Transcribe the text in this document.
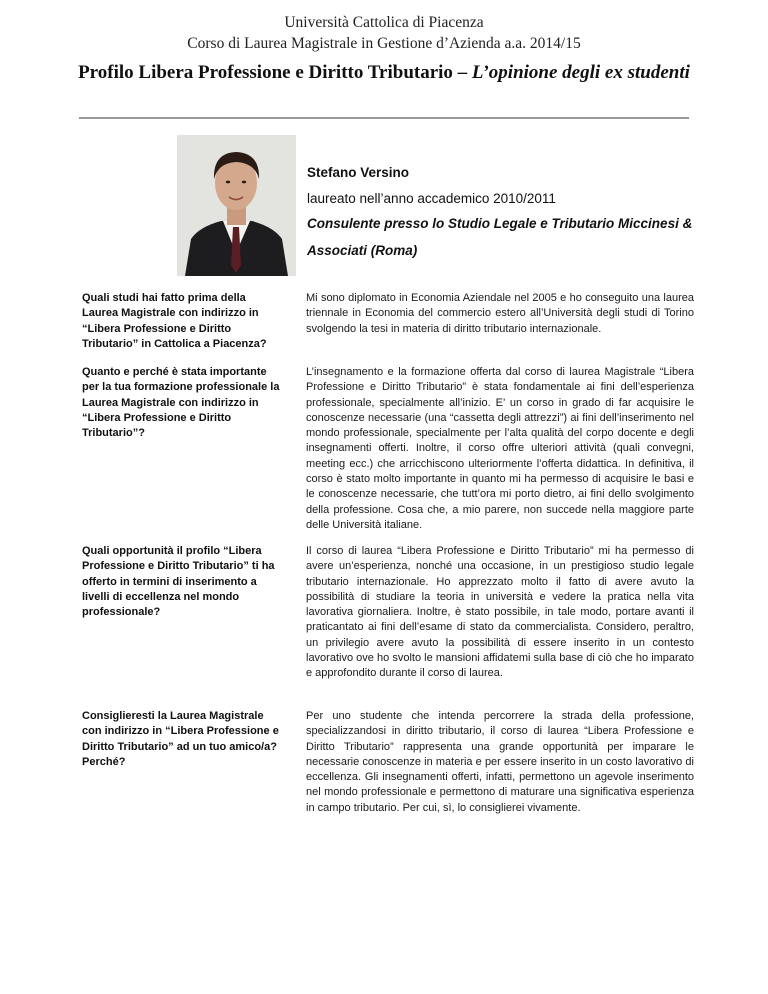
Università Cattolica di Piacenza
Corso di Laurea Magistrale in Gestione d’Azienda a.a. 2014/15
Profilo Libera Professione e Diritto Tributario – L’opinione degli ex studenti
Stefano Versino
laureato nell’anno accademico 2010/2011
Consulente presso lo Studio Legale e Tributario Miccinesi &
Associati (Roma)
Quali studi hai fatto prima della Laurea Magistrale con indirizzo in “Libera Professione e Diritto Tributario” in Cattolica a Piacenza?
Mi sono diplomato in Economia Aziendale nel 2005 e ho conseguito una laurea triennale in Economia del commercio estero all’Università degli studi di Torino svolgendo la tesi in materia di diritto tributario internazionale.
Quanto e perché è stata importante per la tua formazione professionale la Laurea Magistrale con indirizzo in “Libera Professione e Diritto Tributario”?
L’insegnamento e la formazione offerta dal corso di laurea Magistrale “Libera Professione e Diritto Tributario” è stata fondamentale ai fini dell’esperienza professionale, specialmente all’inizio. E’ un corso in grado di far acquisire le conoscenze necessarie (una “cassetta degli attrezzi”) ai fini dell’inserimento nel mondo professionale, specialmente per l’alta qualità del corpo docente e degli insegnamenti offerti. Inoltre, il corso offre ulteriori attività (quali convegni, meeting ecc.) che arricchiscono ulteriormente l’offerta didattica. In definitiva, il corso è stato molto importante in quanto mi ha permesso di acquisire le basi e le conoscenze necessarie, che tutt’ora mi porto dietro, ai fini dello svolgimento della professione. Cosa che, a mio parere, non succede nella maggiore parte delle Università italiane.
Quali opportunità il profilo “Libera Professione e Diritto Tributario” ti ha offerto in termini di inserimento a livelli di eccellenza nel mondo professionale?
Il corso di laurea “Libera Professione e Diritto Tributario” mi ha permesso di avere un’esperienza, nonché una occasione, in un prestigioso studio legale tributario internazionale. Ho apprezzato molto il fatto di avere avuto la possibilità di studiare la teoria in università e vedere la pratica nella vita lavorativa giornaliera. Inoltre, è stato possibile, in tale modo, portare avanti il praticantato ai fini dell’esame di stato da commercialista. Considero, peraltro, un privilegio avere avuto la possibilità di essere inserito in un contesto lavorativo ove ho svolto le mansioni affidatemi sulla base di ciò che ho imparato e approfondito durante il corso di laurea.
Consiglieresti la Laurea Magistrale con indirizzo in “Libera Professione e Diritto Tributario” ad un tuo amico/a? Perché?
Per uno studente che intenda percorrere la strada della professione, specializzandosi in diritto tributario, il corso di laurea “Libera Professione e Diritto Tributario” rappresenta una grande opportunità per imparare le necessarie conoscenze in materia e per essere inserito in un costo lavorativo di eccellenza. Gli insegnamenti offerti, infatti, permettono un agevole inserimento nel mondo professionale e permettono di maturare una significativa esperienza in campo tributario. Per cui, sì, lo consiglierei vivamente.
